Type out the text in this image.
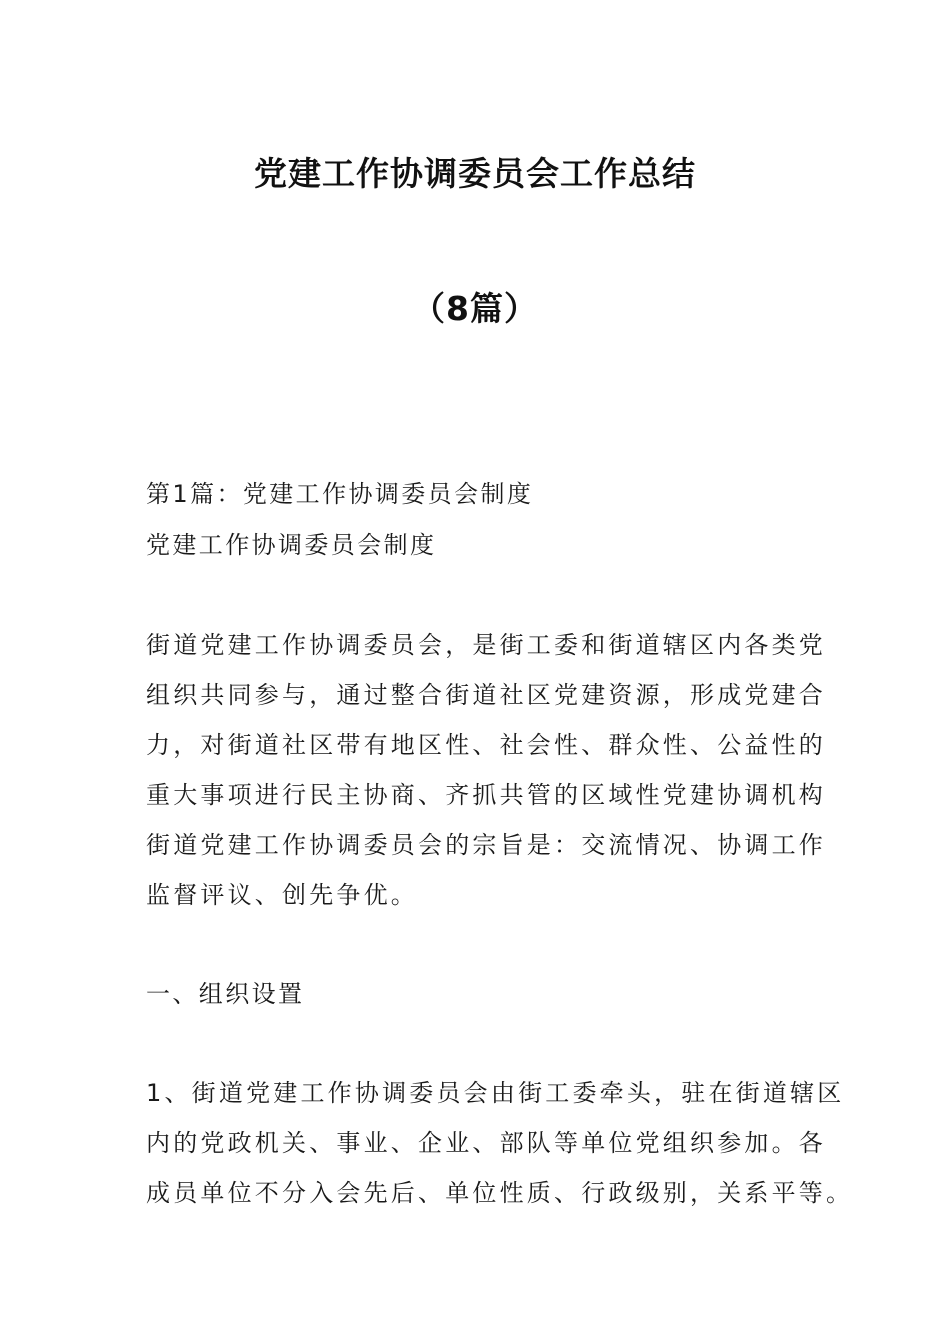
党建工作协调委员会工作总结
（8篇）
第1篇：党建工作协调委员会制度
党建工作协调委员会制度
街道党建工作协调委员会，是街工委和街道辖区内各类党
组织共同参与，通过整合街道社区党建资源，形成党建合
力，对街道社区带有地区性、社会性、群众性、公益性的
重大事项进行民主协商、齐抓共管的区域性党建协调机构
街道党建工作协调委员会的宗旨是：交流情况、协调工作
监督评议、创先争优。
一、组织设置
1、街道党建工作协调委员会由街工委牵头，驻在街道辖区
内的党政机关、事业、企业、部队等单位党组织参加。各
成员单位不分入会先后、单位性质、行政级别，关系平等。
